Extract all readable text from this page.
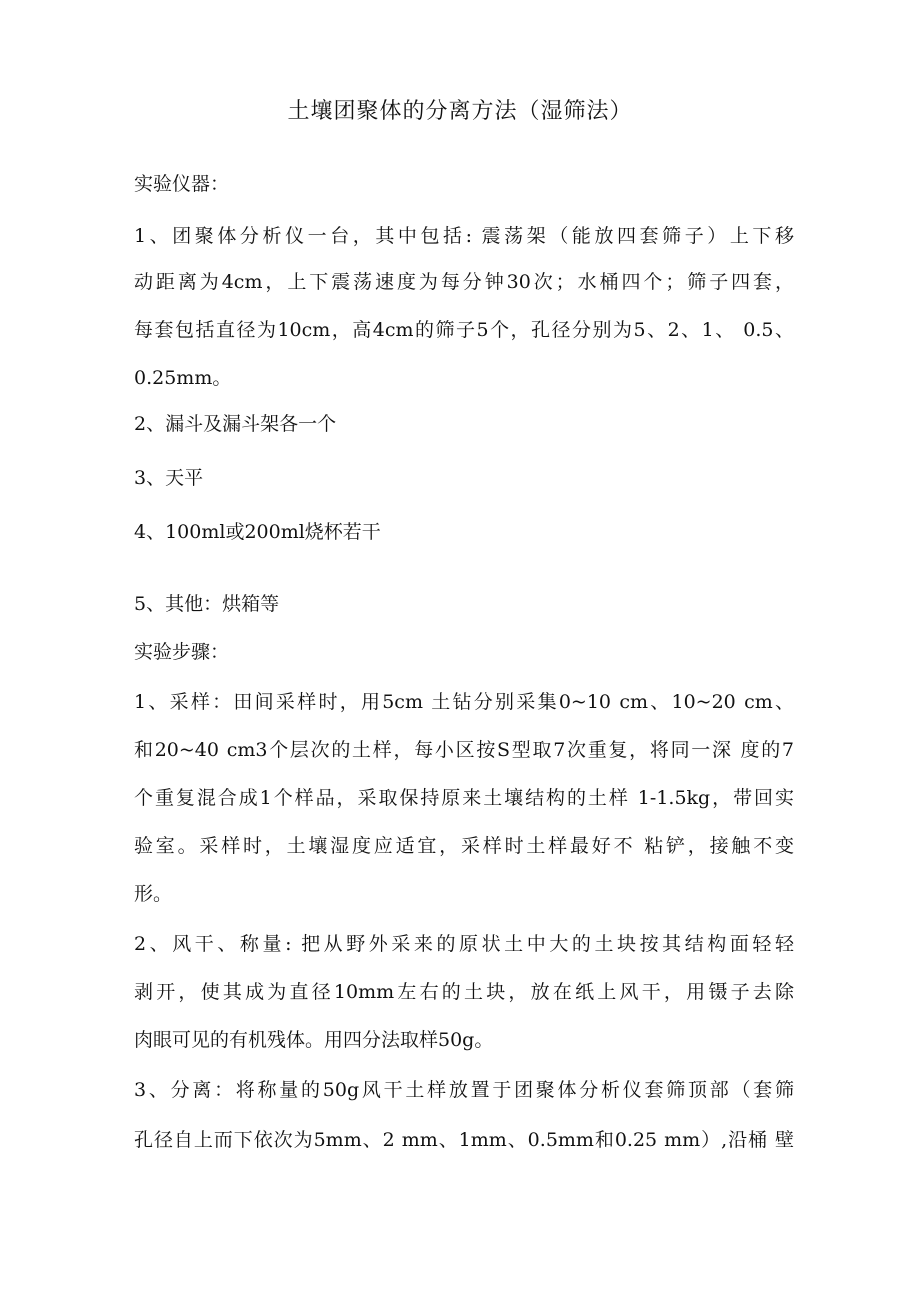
土壤团聚体的分离方法（湿筛法）
实验仪器：
1、团聚体分析仪一台，其中包括: 震荡架（能放四套筛子）上下移
动距离为4cm，上下震荡速度为每分钟30次；水桶四个；筛子四套，
每套包括直径为10cm，高4cm的筛子5个，孔径分别为5、2、1、 0.5、
0.25mm。
2、漏斗及漏斗架各一个
3、天平
4、100ml或200ml烧杯若干
5、其他：烘箱等
实验步骤：
1、采样：田间采样时，用5cm 土钻分别采集0~10 cm、10~20 cm、
和20~40 cm3个层次的土样，每小区按S型取7次重复，将同一深 度的7
个重复混合成1个样品，采取保持原来土壤结构的土样 1-1.5kg，带回实
验室。采样时，土壤湿度应适宜，采样时土样最好不 粘铲，接触不变
形。
2、风干、称量: 把从野外采来的原状土中大的土块按其结构面轻轻
剥开，使其成为直径10mm左右的土块，放在纸上风干，用镊子去除
肉眼可见的有机残体。用四分法取样50g。
3、分离：将称量的50g风干土样放置于团聚体分析仪套筛顶部（套筛
孔径自上而下依次为5mm、2 mm、1mm、0.5mm和0.25 mm）,沿桶 壁
